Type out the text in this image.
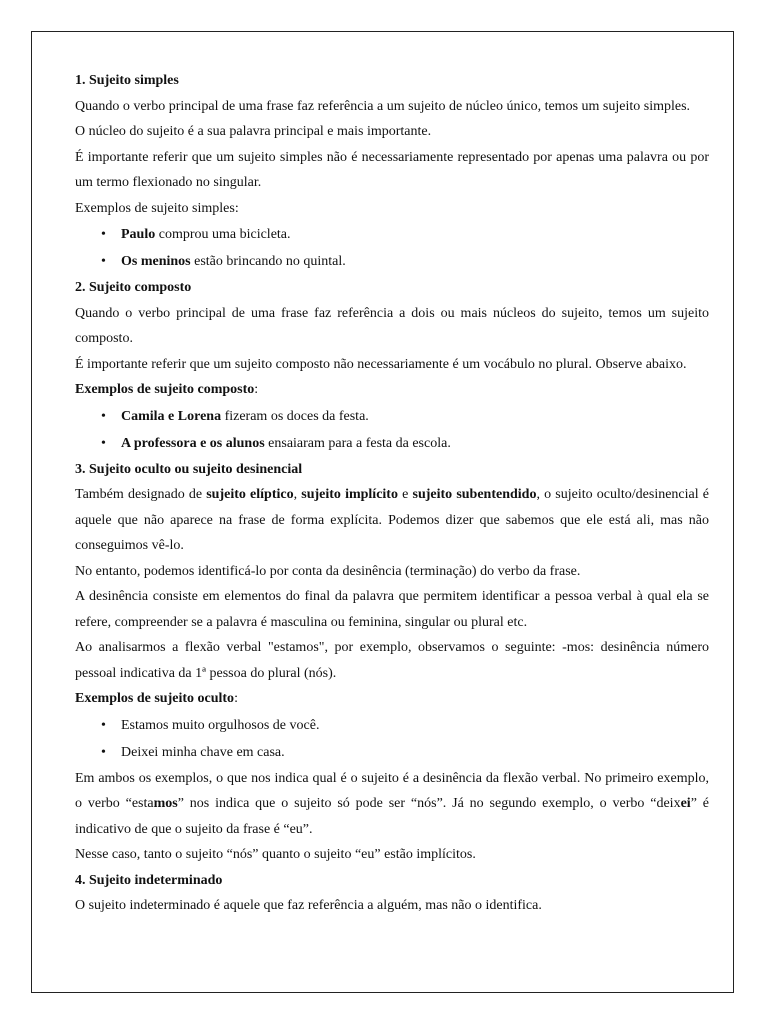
1. Sujeito simples

Quando o verbo principal de uma frase faz referência a um sujeito de núcleo único, temos um sujeito simples.

O núcleo do sujeito é a sua palavra principal e mais importante.

É importante referir que um sujeito simples não é necessariamente representado por apenas uma palavra ou por um termo flexionado no singular.

Exemplos de sujeito simples:

• Paulo comprou uma bicicleta.
• Os meninos estão brincando no quintal.

2. Sujeito composto

Quando o verbo principal de uma frase faz referência a dois ou mais núcleos do sujeito, temos um sujeito composto.

É importante referir que um sujeito composto não necessariamente é um vocábulo no plural. Observe abaixo.

Exemplos de sujeito composto:

• Camila e Lorena fizeram os doces da festa.
• A professora e os alunos ensaiaram para a festa da escola.

3. Sujeito oculto ou sujeito desinencial

Também designado de sujeito elíptico, sujeito implícito e sujeito subentendido, o sujeito oculto/desinencial é aquele que não aparece na frase de forma explícita. Podemos dizer que sabemos que ele está ali, mas não conseguimos vê-lo.

No entanto, podemos identificá-lo por conta da desinência (terminação) do verbo da frase.

A desinência consiste em elementos do final da palavra que permitem identificar a pessoa verbal à qual ela se refere, compreender se a palavra é masculina ou feminina, singular ou plural etc.

Ao analisarmos a flexão verbal "estamos", por exemplo, observamos o seguinte: -mos: desinência número pessoal indicativa da 1ª pessoa do plural (nós).

Exemplos de sujeito oculto:

• Estamos muito orgulhosos de você.
• Deixei minha chave em casa.

Em ambos os exemplos, o que nos indica qual é o sujeito é a desinência da flexão verbal. No primeiro exemplo, o verbo “estamos” nos indica que o sujeito só pode ser “nós”. Já no segundo exemplo, o verbo “deixei” é indicativo de que o sujeito da frase é “eu”.

Nesse caso, tanto o sujeito “nós” quanto o sujeito “eu” estão implícitos.

4. Sujeito indeterminado

O sujeito indeterminado é aquele que faz referência a alguém, mas não o identifica.
